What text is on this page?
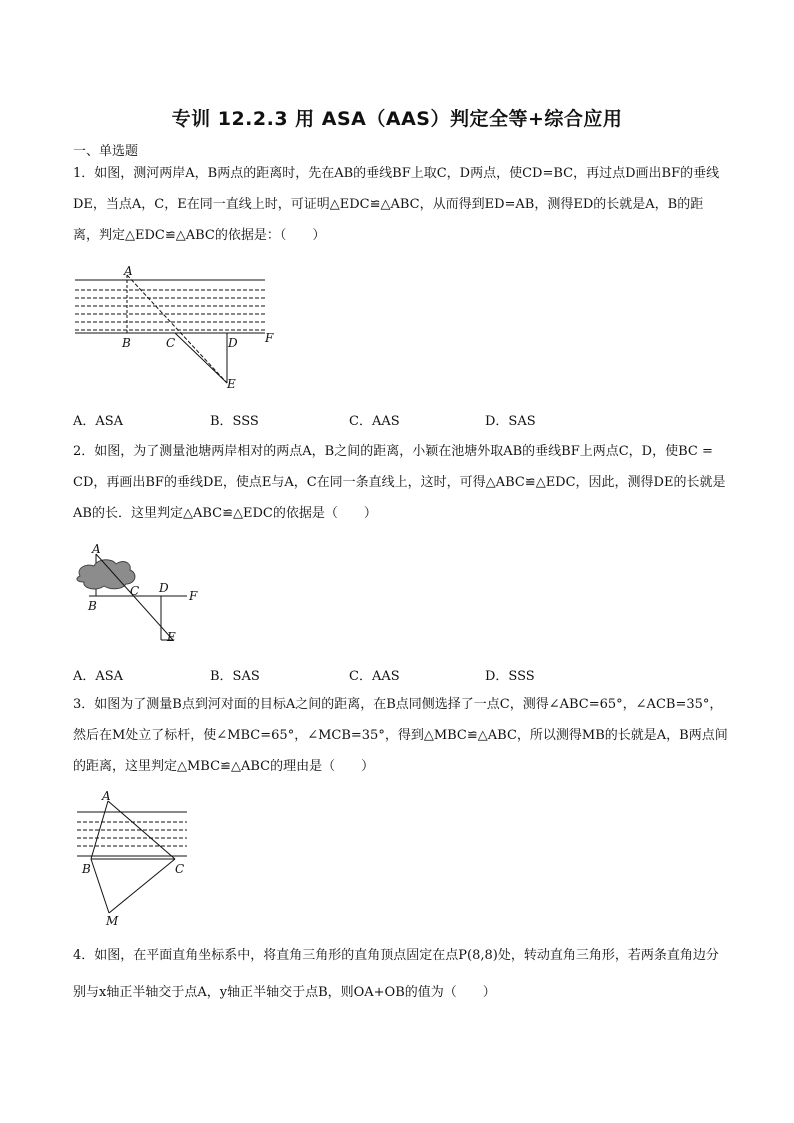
专训 12.2.3 用 ASA（AAS）判定全等+综合应用
一、单选题
1．如图，测河两岸A，B两点的距离时，先在AB的垂线BF上取C，D两点，使CD=BC，再过点D画出BF的垂线DE，当点A，C，E在同一直线上时，可证明△EDC≌△ABC，从而得到ED=AB，测得ED的长就是A，B的距离，判定△EDC≌△ABC的依据是：（　　）
A
B	C	D
E
F
A．ASA	B．SSS	C．AAS	D．SAS
2．如图，为了测量池塘两岸相对的两点A，B之间的距离，小颖在池塘外取AB的垂线BF上两点C，D，使BC = CD，再画出BF的垂线DE，使点E与A，C在同一条直线上，这时，可得△ABC≌△EDC，因此，测得DE的长就是AB的长．这里判定△ABC≌△EDC的依据是（　　）
A
B
C D
E
F
A．ASA	B．SAS	C．AAS	D．SSS
3．如图为了测量B点到河对面的目标A之间的距离，在B点同侧选择了一点C，测得∠ABC=65°，∠ACB=35°，然后在M处立了标杆，使∠MBC=65°，∠MCB=35°，得到△MBC≌△ABC，所以测得MB的长就是A，B两点间的距离，这里判定△MBC≌△ABC的理由是（　　）
A
B	C
M
4．如图，在平面直角坐标系中，将直角三角形的直角顶点固定在点P(8,8)处，转动直角三角形，若两条直角边分别与x轴正半轴交于点A，y轴正半轴交于点B，则OA+OB的值为（　　）
